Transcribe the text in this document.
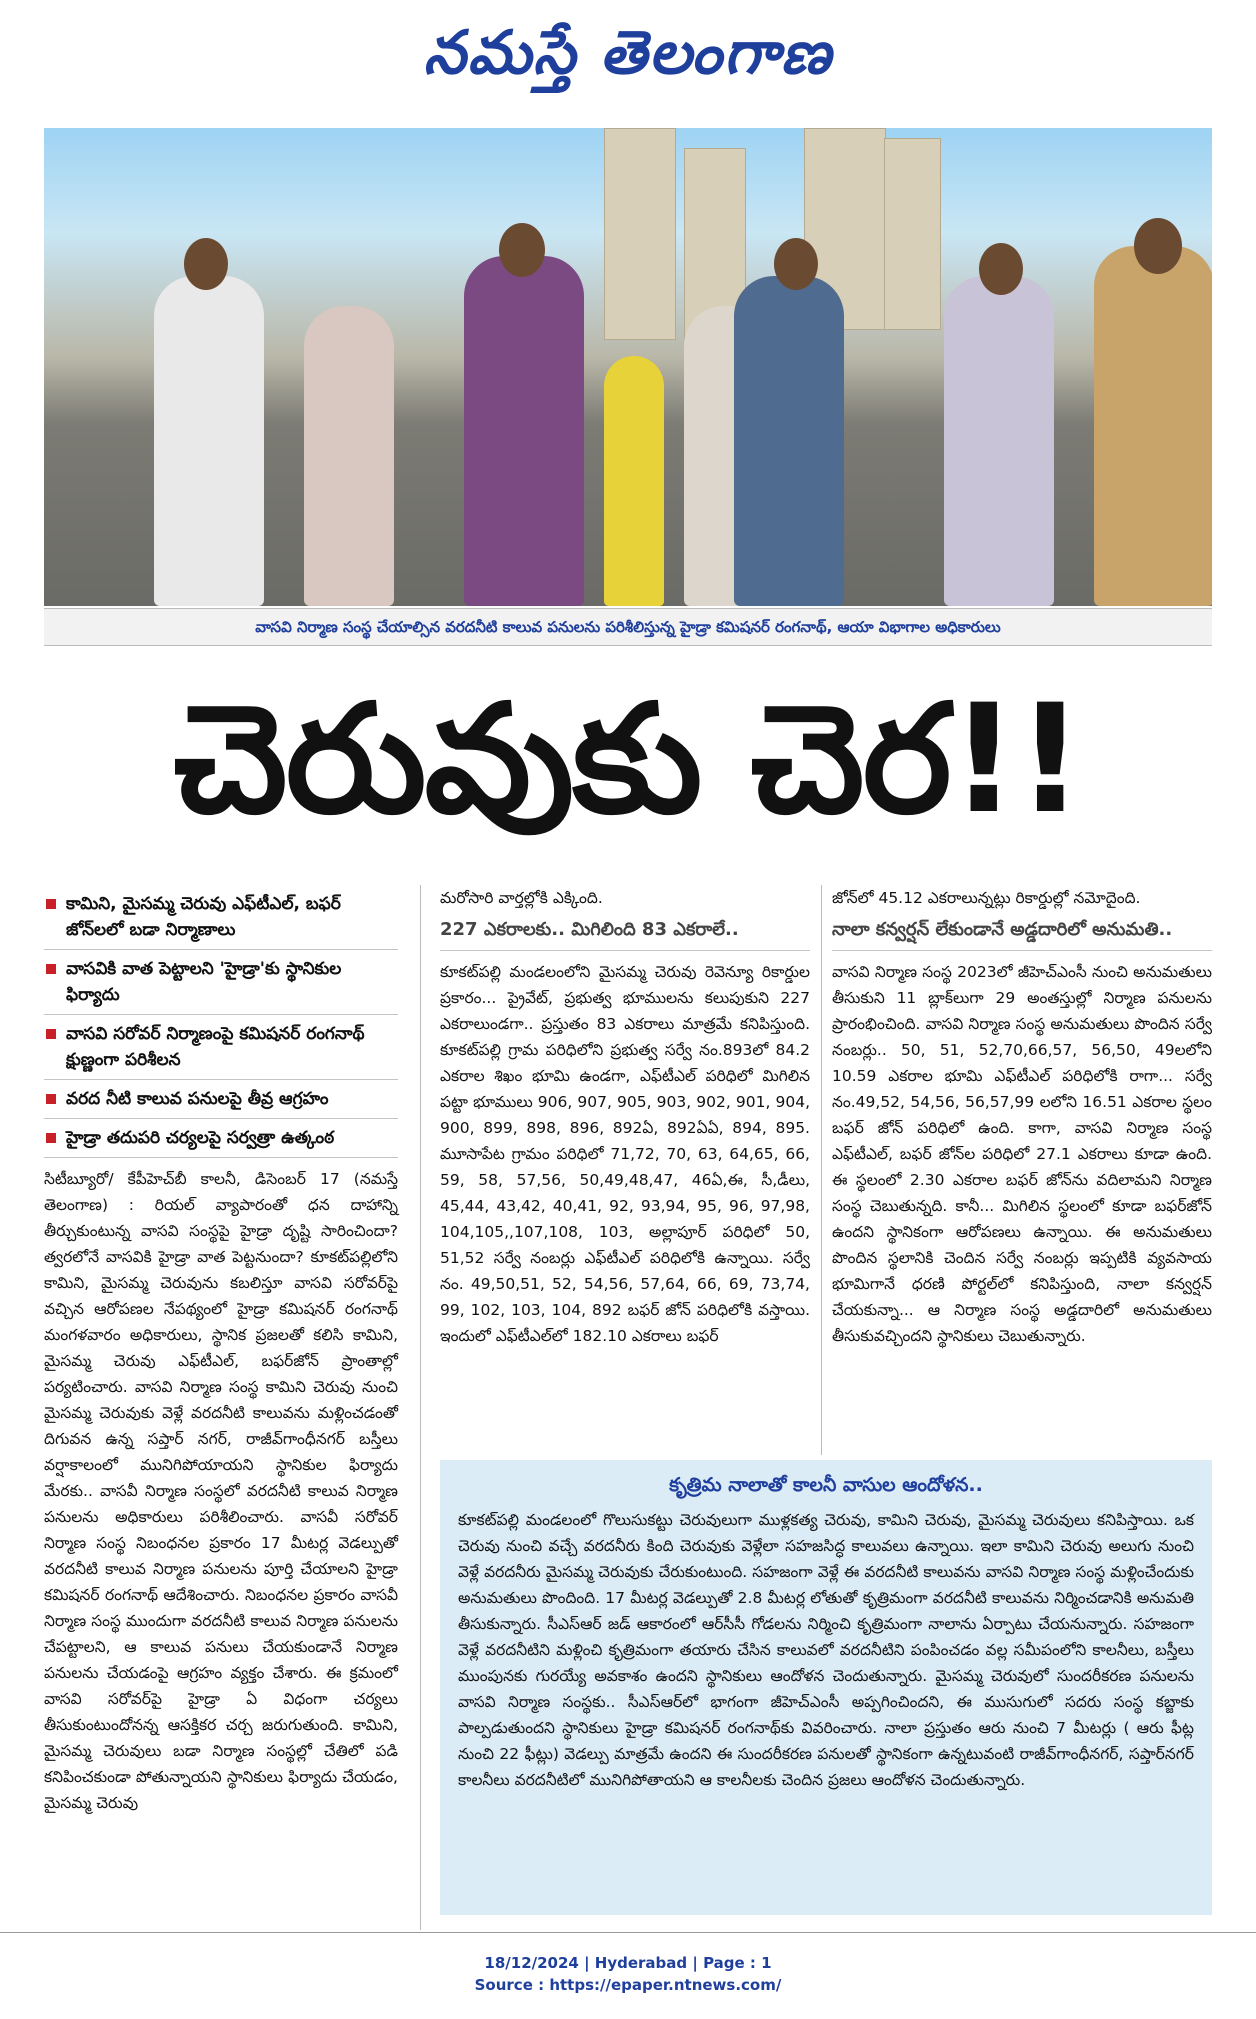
నమస్తే తెలంగాణ
వాసవి నిర్మాణ సంస్థ చేయాల్సిన వరదనీటి కాలువ పనులను పరిశీలిస్తున్న హైడ్రా కమిషనర్ రంగనాథ్, ఆయా విభాగాల అధికారులు
చెరువుకు చెర!!
కామిని, మైసమ్మ చెరువు ఎఫ్‌టీఎల్, బఫర్ జోన్‌లలో బడా నిర్మాణాలు
వాసవికి వాత పెట్టాలని 'హైడ్రా'కు స్థానికుల ఫిర్యాదు
వాసవి సరోవర్ నిర్మాణంపై కమిషనర్ రంగనాథ్ క్షుణ్ణంగా పరిశీలన
వరద నీటి కాలువ పనులపై తీవ్ర ఆగ్రహం
హైడ్రా తదుపరి చర్యలపై సర్వత్రా ఉత్కంఠ

సిటీబ్యూరో/ కేపీహెచ్‌బీ కాలనీ, డిసెంబర్ 17 (నమస్తే తెలంగాణ) : రియల్ వ్యాపారంతో ధన దాహాన్ని తీర్చుకుంటున్న వాసవి సంస్థపై హైడ్రా దృష్టి సారించిందా? త్వరలోనే వాసవికి హైడ్రా వాత పెట్టనుందా? కూకట్‌పల్లిలోని కామిని, మైసమ్మ చెరువును కబలిస్తూ వాసవి సరోవర్‌పై వచ్చిన ఆరోపణల నేపథ్యంలో హైడ్రా కమిషనర్ రంగనాథ్ మంగళవారం అధికారులు, స్థానిక ప్రజలతో కలిసి కామిని, మైసమ్మ చెరువు ఎఫ్‌టీఎల్, బఫర్‌జోన్ ప్రాంతాల్లో పర్యటించారు. వాసవి నిర్మాణ సంస్థ కామిని చెరువు నుంచి మైసమ్మ చెరువుకు వెళ్లే వరదనీటి కాలువను మళ్లించడంతో దిగువన ఉన్న సప్తార్ నగర్, రాజీవ్‌గాంధీనగర్ బస్తీలు వర్షాకాలంలో మునిగిపోయాయని స్థానికుల ఫిర్యాదు మేరకు.. వాసవీ నిర్మాణ సంస్థలో వరదనీటి కాలువ నిర్మాణ పనులను అధికారులు పరిశీలించారు. వాసవీ సరోవర్ నిర్మాణ సంస్థ నిబంధనల ప్రకారం 17 మీటర్ల వెడల్పుతో వరదనీటి కాలువ నిర్మాణ పనులను పూర్తి చేయాలని హైడ్రా కమిషనర్ రంగనాథ్ ఆదేశించారు. నిబంధనల ప్రకారం వాసవీ నిర్మాణ సంస్థ ముందుగా వరదనీటి కాలువ నిర్మాణ పనులను చేపట్టాలని, ఆ కాలువ పనులు చేయకుండానే నిర్మాణ పనులను చేయడంపై ఆగ్రహం వ్యక్తం చేశారు. ఈ క్రమంలో వాసవి సరోవర్‌పై హైడ్రా ఏ విధంగా చర్యలు తీసుకుంటుందోనన్న ఆసక్తికర చర్చ జరుగుతుంది. కామిని, మైసమ్మ చెరువులు బడా నిర్మాణ సంస్థల్లో చేతిలో పడి కనిపించకుండా పోతున్నాయని స్థానికులు ఫిర్యాదు చేయడం, మైసమ్మ చెరువు

మరోసారి వార్తల్లోకి ఎక్కింది.

227 ఎకరాలకు.. మిగిలింది 83 ఎకరాలే..

కూకట్‌పల్లి మండలంలోని మైసమ్మ చెరువు రెవెన్యూ రికార్డుల ప్రకారం... ప్రైవేట్, ప్రభుత్వ భూములను కలుపుకుని 227 ఎకరాలుండగా.. ప్రస్తుతం 83 ఎకరాలు మాత్రమే కనిపిస్తుంది. కూకట్‌పల్లి గ్రామ పరిధిలోని ప్రభుత్వ సర్వే నం.893లో 84.2 ఎకరాల శిఖం భూమి ఉండగా, ఎఫ్‌టీఎల్ పరిధిలో మిగిలిన పట్టా భూములు 906, 907, 905, 903, 902, 901, 904, 900, 899, 898, 896, 892ఏ, 892ఏఏ, 894, 895. మూసాపేట గ్రామం పరిధిలో 71,72, 70, 63, 64,65, 66, 59, 58, 57,56, 50,49,48,47, 46ఏ,ఈ, సీ,డీలు, 45,44, 43,42, 40,41, 92, 93,94, 95, 96, 97,98, 104,105,,107,108, 103, అల్లాపూర్ పరిధిలో 50, 51,52 సర్వే నంబర్లు ఎఫ్‌టీఎల్ పరిధిలోకి ఉన్నాయి. సర్వే నం. 49,50,51, 52, 54,56, 57,64, 66, 69, 73,74, 99, 102, 103, 104, 892 బఫర్ జోన్ పరిధిలోకి వస్తాయి. ఇందులో ఎఫ్‌టీఎల్‌లో 182.10 ఎకరాలు బఫర్

జోన్‌లో 45.12 ఎకరాలున్నట్లు రికార్డుల్లో నమోదైంది.

నాలా కన్వర్షన్ లేకుండానే అడ్డదారిలో అనుమతి..

వాసవి నిర్మాణ సంస్థ 2023లో జీహెచ్‌ఎంసీ నుంచి అనుమతులు తీసుకుని 11 బ్లాక్‌లుగా 29 అంతస్తుల్లో నిర్మాణ పనులను ప్రారంభించింది. వాసవి నిర్మాణ సంస్థ అనుమతులు పొందిన సర్వే నంబర్లు.. 50, 51, 52,70,66,57, 56,50, 49లలోని 10.59 ఎకరాల భూమి ఎఫ్‌టీఎల్ పరిధిలోకి రాగా... సర్వే నం.49,52, 54,56, 56,57,99 లలోని 16.51 ఎకరాల స్థలం బఫర్ జోన్ పరిధిలో ఉంది. కాగా, వాసవి నిర్మాణ సంస్థ ఎఫ్‌టీఎల్, బఫర్ జోన్‌ల పరిధిలో 27.1 ఎకరాలు కూడా ఉంది. ఈ స్థలంలో 2.30 ఎకరాల బఫర్ జోన్‌ను వదిలామని నిర్మాణ సంస్థ చెబుతున్నది. కానీ... మిగిలిన స్థలంలో కూడా బఫర్‌జోన్ ఉందని స్థానికంగా ఆరోపణలు ఉన్నాయి. ఈ అనుమతులు పొందిన స్థలానికి చెందిన సర్వే నంబర్లు ఇప్పటికి వ్యవసాయ భూమిగానే ధరణి పోర్టల్‌లో కనిపిస్తుంది, నాలా కన్వర్షన్ చేయకున్నా... ఆ నిర్మాణ సంస్థ అడ్డదారిలో అనుమతులు తీసుకువచ్చిందని స్థానికులు చెబుతున్నారు.

కృత్రిమ నాలాతో కాలనీ వాసుల ఆందోళన..

కూకట్‌పల్లి మండలంలో గొలుసుకట్టు చెరువులుగా ముళ్లకత్య చెరువు, కామిని చెరువు, మైసమ్మ చెరువులు కనిపిస్తాయి. ఒక చెరువు నుంచి వచ్చే వరదనీరు కింది చెరువుకు వెళ్లేలా సహజసిద్ధ కాలువలు ఉన్నాయి. ఇలా కామిని చెరువు అలుగు నుంచి వెళ్లే వరదనీరు మైసమ్మ చెరువుకు చేరుకుంటుంది. సహజంగా వెళ్లే ఈ వరదనీటి కాలువను వాసవి నిర్మాణ సంస్థ మళ్లించేందుకు అనుమతులు పొందింది. 17 మీటర్ల వెడల్పుతో 2.8 మీటర్ల లోతుతో కృత్రిమంగా వరదనీటి కాలువను నిర్మించడానికి అనుమతి తీసుకున్నారు. సీఎస్‌ఆర్ జడ్ ఆకారంలో ఆర్‌సీసీ గోడలను నిర్మించి కృత్రిమంగా నాలాను ఏర్పాటు చేయనున్నారు. సహజంగా వెళ్లే వరదనీటిని మళ్లించి కృత్రిమంగా తయారు చేసిన కాలువలో వరదనీటిని పంపించడం వల్ల సమీపంలోని కాలనీలు, బస్తీలు ముంపునకు గురయ్యే అవకాశం ఉందని స్థానికులు ఆందోళన చెందుతున్నారు. మైసమ్మ చెరువులో సుందరీకరణ పనులను వాసవి నిర్మాణ సంస్థకు.. సీఎస్‌ఆర్‌లో భాగంగా జీహెచ్‌ఎంసీ అప్పగించిందని, ఈ ముసుగులో సదరు సంస్థ కబ్జాకు పాల్పడుతుందని స్థానికులు హైడ్రా కమిషనర్ రంగనాథ్‌కు వివరించారు. నాలా ప్రస్తుతం ఆరు నుంచి 7 మీటర్లు ( ఆరు ఫీట్ల నుంచి 22 ఫీట్లు) వెడల్పు మాత్రమే ఉందని ఈ సుందరీకరణ పనులతో స్థానికంగా ఉన్నటువంటి రాజీవ్‌గాంధీనగర్, సప్తార్‌నగర్ కాలనీలు వరదనీటిలో మునిగిపోతాయని ఆ కాలనీలకు చెందిన ప్రజలు ఆందోళన చెందుతున్నారు.

18/12/2024 | Hyderabad | Page : 1
Source : https://epaper.ntnews.com/
